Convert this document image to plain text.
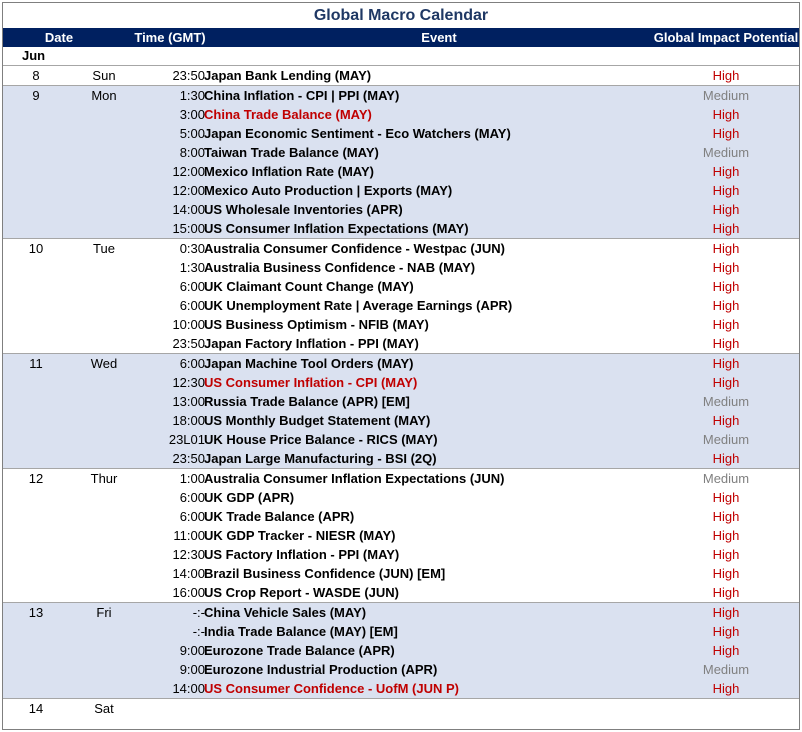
Global Macro Calendar
Date	Time (GMT)	Event	Global Impact Potential
Jun
8	Sun	23:50 Japan Bank Lending (MAY)	High
9	Mon	1:30 China Inflation - CPI | PPI (MAY)	Medium
3:00 China Trade Balance (MAY)	High
5:00 Japan Economic Sentiment - Eco Watchers (MAY)	High
8:00 Taiwan Trade Balance (MAY)	Medium
12:00 Mexico Inflation Rate (MAY)	High
12:00 Mexico Auto Production | Exports (MAY)	High
14:00 US Wholesale Inventories (APR)	High
15:00 US Consumer Inflation Expectations (MAY)	High
10	Tue	0:30 Australia Consumer Confidence - Westpac (JUN)	High
1:30 Australia Business Confidence - NAB (MAY)	High
6:00 UK Claimant Count Change (MAY)	High
6:00 UK Unemployment Rate | Average Earnings (APR)	High
10:00 US Business Optimism - NFIB (MAY)	High
23:50 Japan Factory Inflation - PPI (MAY)	High
11	Wed	6:00 Japan Machine Tool Orders (MAY)	High
12:30 US Consumer Inflation - CPI (MAY)	High
13:00 Russia Trade Balance (APR) [EM]	Medium
18:00 US Monthly Budget Statement (MAY)	High
23L01 UK House Price Balance - RICS (MAY)	Medium
23:50 Japan Large Manufacturing - BSI (2Q)	High
12	Thur	1:00 Australia Consumer Inflation Expectations (JUN)	Medium
6:00 UK GDP (APR)	High
6:00 UK Trade Balance (APR)	High
11:00 UK GDP Tracker - NIESR (MAY)	High
12:30 US Factory Inflation - PPI (MAY)	High
14:00 Brazil Business Confidence (JUN) [EM]	High
16:00 US Crop Report - WASDE (JUN)	High
13	Fri	-:- China Vehicle Sales (MAY)	High
-:- India Trade Balance (MAY) [EM]	High
9:00 Eurozone Trade Balance (APR)	High
9:00 Eurozone Industrial Production (APR)	Medium
14:00 US Consumer Confidence - UofM (JUN P)	High
14	Sat
